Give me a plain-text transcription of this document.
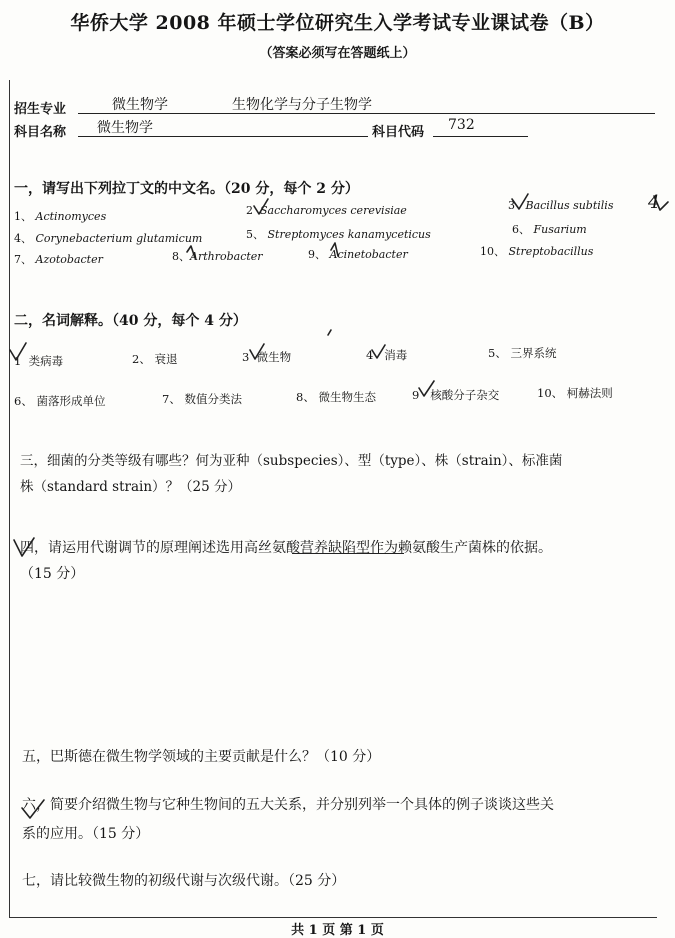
华侨大学 2008 年硕士学位研究生入学考试专业课试卷（B）
（答案必须写在答题纸上）
招生专业	微生物学	生物化学与分子生物学
科目名称 微生物学	科目代码 732
一，请写出下列拉丁文的中文名。（20 分，每个 2 分）
1、 Actinomyces	2 Saccharomyces cerevisiae	3 Bacillus subtilis
4、 Corynebacterium glutamicum	5、 Streptomyces kanamyceticus	6、 Fusarium
7、 Azotobacter	8、Arthrobacter	9、 Acinetobacter	10、 Streptobacillus
二，名词解释。（40 分，每个 4 分）
1 类病毒	2、 衰退	3 微生物	4 消毒	5、 三界系统
6、 菌落形成单位	7、 数值分类法	8、 微生物生态	9 核酸分子杂交	10、 柯赫法则
三，细菌的分类等级有哪些？何为亚种（subspecies）、型（type）、株（strain）、标准菌
株（standard strain）？（25 分）
四，请运用代谢调节的原理阐述选用高丝氨酸营养缺陷型作为赖氨酸生产菌株的依据。
（15 分）
五，巴斯德在微生物学领域的主要贡献是什么？（10 分）
六，简要介绍微生物与它种生物间的五大关系，并分别列举一个具体的例子谈谈这些关
系的应用。（15 分）
七，请比较微生物的初级代谢与次级代谢。（25 分）
共 1 页 第 1 页
4
